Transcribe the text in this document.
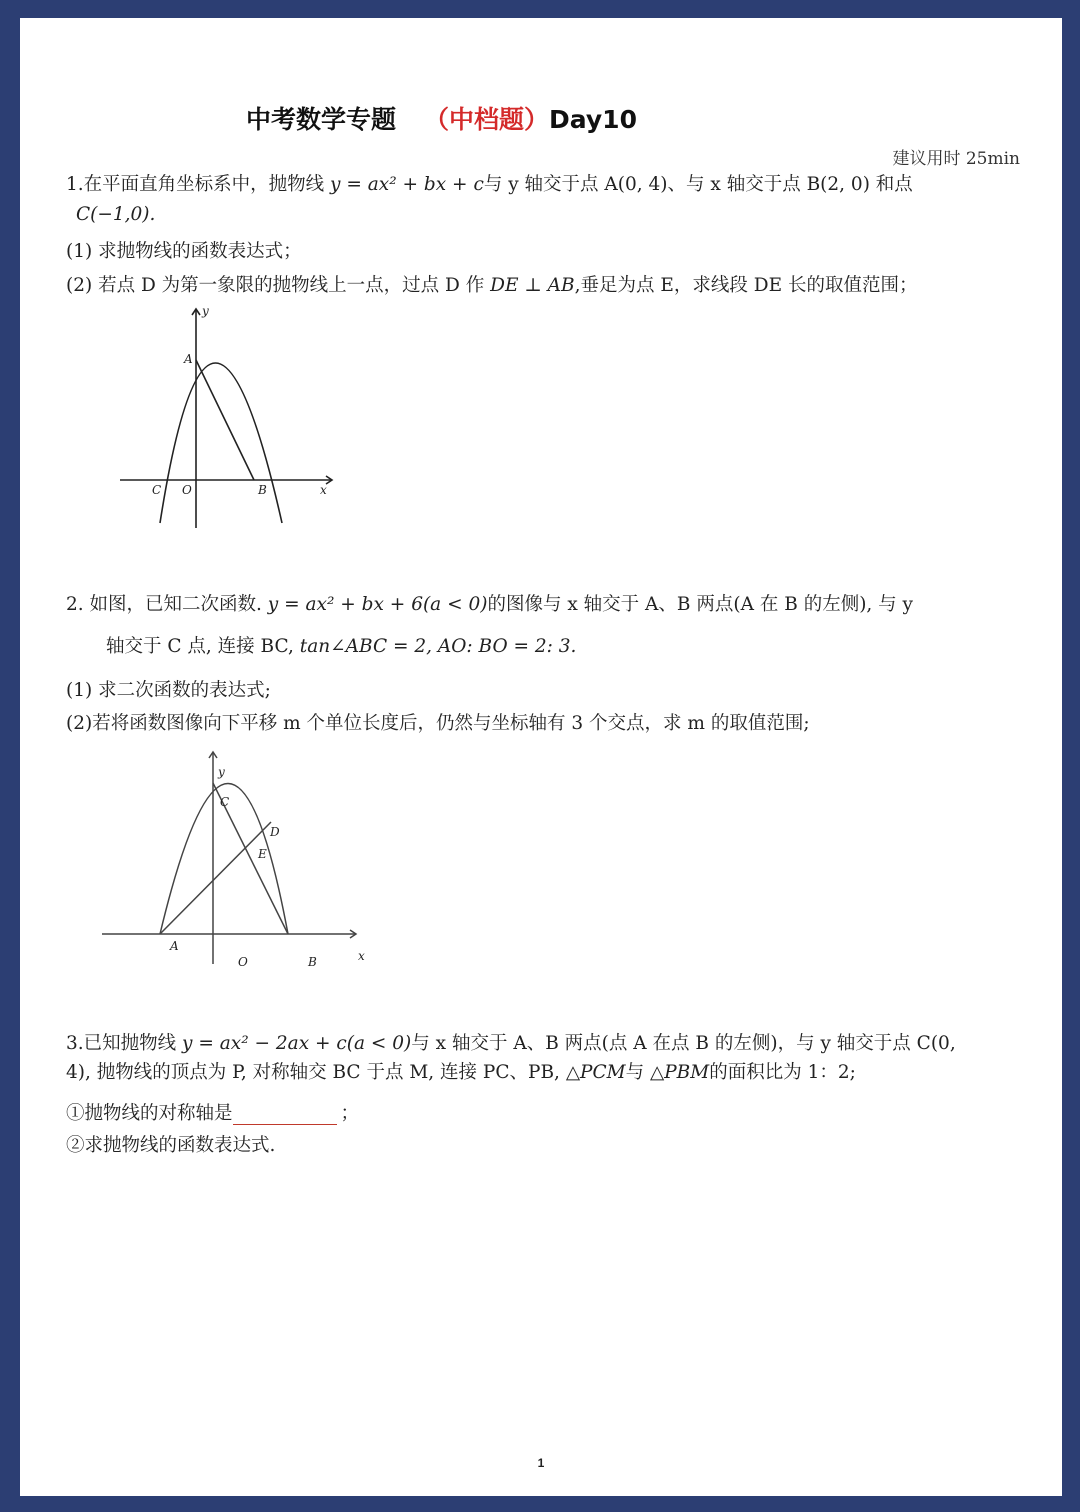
中考数学专题 （中档题）Day10
建议用时 25min
1.在平面直角坐标系中，抛物线 y = ax² + bx + c与 y 轴交于点 A(0, 4)、与 x 轴交于点 B(2, 0) 和点
C(−1,0).
(1) 求抛物线的函数表达式；
(2) 若点 D 为第一象限的抛物线上一点，过点 D 作 DE ⊥ AB,垂足为点 E，求线段 DE 长的取值范围；
y
x
A
B
C O
2. 如图，已知二次函数. y = ax² + bx + 6(a < 0)的图像与 x 轴交于 A、B 两点(A 在 B 的左侧), 与 y
轴交于 C 点, 连接 BC, tan∠ABC = 2, AO: BO = 2: 3.
(1) 求二次函数的表达式;
(2)若将函数图像向下平移 m 个单位长度后，仍然与坐标轴有 3 个交点，求 m 的取值范围;
y
x
C
D
E
A
O	B
3.已知抛物线 y = ax² − 2ax + c(a < 0)与 x 轴交于 A、B 两点(点 A 在点 B 的左侧)，与 y 轴交于点 C(0,
4), 抛物线的顶点为 P, 对称轴交 BC 于点 M, 连接 PC、PB, △PCM与 △PBM的面积比为 1：2;
①抛物线的对称轴是	；
②求抛物线的函数表达式.
1
